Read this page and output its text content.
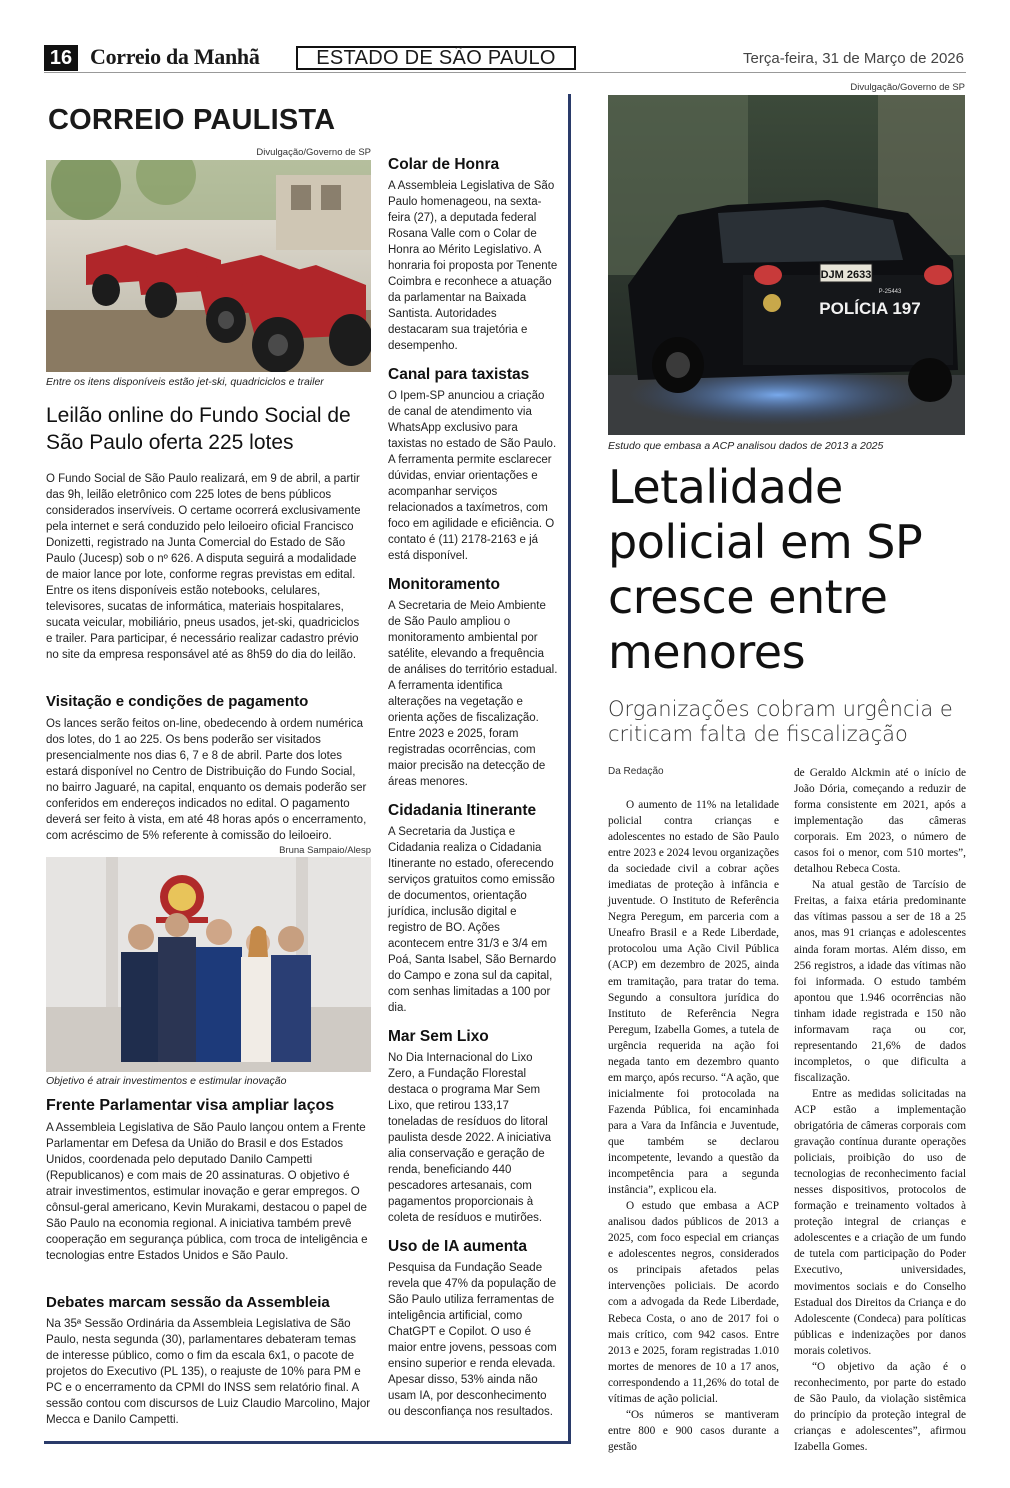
16 Correio da Manhã	ESTADO DE SÃO PAULO	Terça-feira, 31 de Março de 2026
CORREIO PAULISTA
Divulgação/Governo de SP
Entre os itens disponíveis estão jet-ski, quadriciclos e trailer
Leilão online do Fundo Social de São Paulo oferta 225 lotes

O Fundo Social de São Paulo realizará, em 9 de abril, a partir das 9h, leilão eletrônico com 225 lotes de bens públicos considerados inservíveis. O certame ocorrerá exclusivamente pela internet e será conduzido pelo leiloeiro oficial Francisco Donizetti, registrado na Junta Comercial do Estado de São Paulo (Jucesp) sob o nº 626. A disputa seguirá a modalidade de maior lance por lote, conforme regras previstas em edital. Entre os itens disponíveis estão notebooks, celulares, televisores, sucatas de informática, materiais hospitalares, sucata veicular, mobiliário, pneus usados, jet-ski, quadriciclos e trailer. Para participar, é necessário realizar cadastro prévio no site da empresa responsável até as 8h59 do dia do leilão.

Visitação e condições de pagamento

Os lances serão feitos on-line, obedecendo à ordem numérica dos lotes, do 1 ao 225. Os bens poderão ser visitados presencialmente nos dias 6, 7 e 8 de abril. Parte dos lotes estará disponível no Centro de Distribuição do Fundo Social, no bairro Jaguaré, na capital, enquanto os demais poderão ser conferidos em endereços indicados no edital. O pagamento deverá ser feito à vista, em até 48 horas após o encerramento, com acréscimo de 5% referente à comissão do leiloeiro.

Bruna Sampaio/Alesp
Objetivo é atrair investimentos e estimular inovação
Frente Parlamentar visa ampliar laços

A Assembleia Legislativa de São Paulo lançou ontem a Frente Parlamentar em Defesa da União do Brasil e dos Estados Unidos, coordenada pelo deputado Danilo Campetti (Republicanos) e com mais de 20 assinaturas. O objetivo é atrair investimentos, estimular inovação e gerar empregos. O cônsul-geral americano, Kevin Murakami, destacou o papel de São Paulo na economia regional. A iniciativa também prevê cooperação em segurança pública, com troca de inteligência e tecnologias entre Estados Unidos e São Paulo.

Debates marcam sessão da Assembleia

Na 35ª Sessão Ordinária da Assembleia Legislativa de São Paulo, nesta segunda (30), parlamentares debateram temas de interesse público, como o fim da escala 6x1, o pacote de projetos do Executivo (PL 135), o reajuste de 10% para PM e PC e o encerramento da CPMI do INSS sem relatório final. A sessão contou com discursos de Luiz Claudio Marcolino, Major Mecca e Danilo Campetti.

Colar de Honra

A Assembleia Legislativa de São Paulo homenageou, na sexta-feira (27), a deputada federal Rosana Valle com o Colar de Honra ao Mérito Legislativo. A honraria foi proposta por Tenente Coimbra e reconhece a atuação da parlamentar na Baixada Santista. Autoridades destacaram sua trajetória e desempenho.

Canal para taxistas

O Ipem-SP anunciou a criação de canal de atendimento via WhatsApp exclusivo para taxistas no estado de São Paulo. A ferramenta permite esclarecer dúvidas, enviar orientações e acompanhar serviços relacionados a taxímetros, com foco em agilidade e eficiência. O contato é (11) 2178-2163 e já está disponível.

Monitoramento

A Secretaria de Meio Ambiente de São Paulo ampliou o monitoramento ambiental por satélite, elevando a frequência de análises do território estadual. A ferramenta identifica alterações na vegetação e orienta ações de fiscalização. Entre 2023 e 2025, foram registradas ocorrências, com maior precisão na detecção de áreas menores.

Cidadania Itinerante

A Secretaria da Justiça e Cidadania realiza o Cidadania Itinerante no estado, oferecendo serviços gratuitos como emissão de documentos, orientação jurídica, inclusão digital e registro de BO. Ações acontecem entre 31/3 e 3/4 em Poá, Santa Isabel, São Bernardo do Campo e zona sul da capital, com senhas limitadas a 100 por dia.

Mar Sem Lixo

No Dia Internacional do Lixo Zero, a Fundação Florestal destaca o programa Mar Sem Lixo, que retirou 133,17 toneladas de resíduos do litoral paulista desde 2022. A iniciativa alia conservação e geração de renda, beneficiando 440 pescadores artesanais, com pagamentos proporcionais à coleta de resíduos e mutirões.

Uso de IA aumenta

Pesquisa da Fundação Seade revela que 47% da população de São Paulo utiliza ferramentas de inteligência artificial, como ChatGPT e Copilot. O uso é maior entre jovens, pessoas com ensino superior e renda elevada. Apesar disso, 53% ainda não usam IA, por desconhecimento ou desconfiança nos resultados.

Divulgação/Governo de SP
DJM 2633
P-25443
POLÍCIA 197
Estudo que embasa a ACP analisou dados de 2013 a 2025
Letalidade policial em SP cresce entre menores
Organizações cobram urgência e criticam falta de fiscalização
Da Redação

O aumento de 11% na letalidade policial contra crianças e adolescentes no estado de São Paulo entre 2023 e 2024 levou organizações da sociedade civil a cobrar ações imediatas de proteção à infância e juventude. O Instituto de Referência Negra Peregum, em parceria com a Uneafro Brasil e a Rede Liberdade, protocolou uma Ação Civil Pública (ACP) em dezembro de 2025, ainda em tramitação, para tratar do tema. Segundo a consultora jurídica do Instituto de Referência Negra Peregum, Izabella Gomes, a tutela de urgência requerida na ação foi negada tanto em dezembro quanto em março, após recurso. “A ação, que inicialmente foi protocolada na Fazenda Pública, foi encaminhada para a Vara da Infância e Juventude, que também se declarou incompetente, levando a questão da incompetência para a segunda instância”, explicou ela.

O estudo que embasa a ACP analisou dados públicos de 2013 a 2025, com foco especial em crianças e adolescentes negros, considerados os principais afetados pelas intervenções policiais. De acordo com a advogada da Rede Liberdade, Rebeca Costa, o ano de 2017 foi o mais crítico, com 942 casos. Entre 2013 e 2025, foram registradas 1.010 mortes de menores de 10 a 17 anos, correspondendo a 11,26% do total de vítimas de ação policial.

“Os números se mantiveram entre 800 e 900 casos durante a gestão

de Geraldo Alckmin até o início de João Dória, começando a reduzir de forma consistente em 2021, após a implementação das câmeras corporais. Em 2023, o número de casos foi o menor, com 510 mortes”, detalhou Rebeca Costa.

Na atual gestão de Tarcísio de Freitas, a faixa etária predominante das vítimas passou a ser de 18 a 25 anos, mas 91 crianças e adolescentes ainda foram mortas. Além disso, em 256 registros, a idade das vítimas não foi informada. O estudo também apontou que 1.946 ocorrências não tinham idade registrada e 150 não informavam raça ou cor, representando 21,6% de dados incompletos, o que dificulta a fiscalização.

Entre as medidas solicitadas na ACP estão a implementação obrigatória de câmeras corporais com gravação contínua durante operações policiais, proibição do uso de tecnologias de reconhecimento facial nesses dispositivos, protocolos de formação e treinamento voltados à proteção integral de crianças e adolescentes e a criação de um fundo de tutela com participação do Poder Executivo, universidades, movimentos sociais e do Conselho Estadual dos Direitos da Criança e do Adolescente (Condeca) para políticas públicas e indenizações por danos morais coletivos.

“O objetivo da ação é o reconhecimento, por parte do estado de São Paulo, da violação sistêmica do princípio da proteção integral de crianças e adolescentes”, afirmou Izabella Gomes.
